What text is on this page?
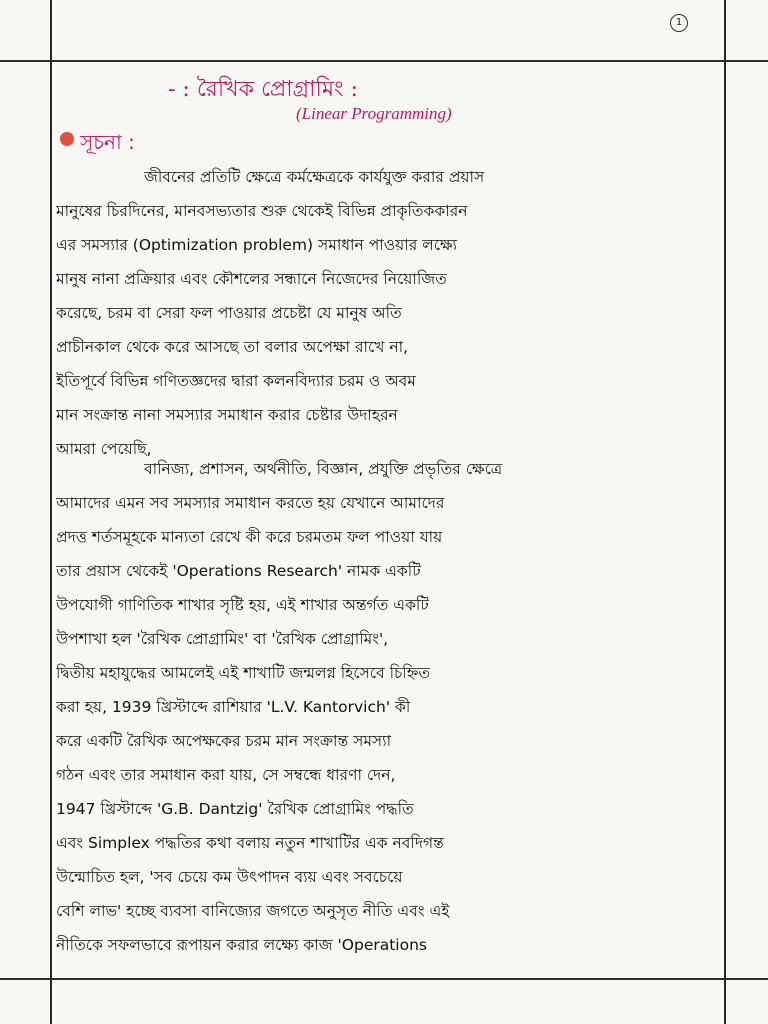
1
- : রৈখিক প্রোগ্রামিং :
(Linear Programming)
সূচনা :
জীবনের প্রতিটি ক্ষেত্রে কর্মক্ষেত্রকে কার্যযুক্ত করার প্রয়াস
মানুষের চিরদিনের, মানবসভ্যতার শুরু থেকেই বিভিন্ন প্রাকৃতিককারন
এর সমস্যার (Optimization problem) সমাধান পাওয়ার লক্ষ্যে
মানুষ নানা প্রক্রিয়ার এবং কৌশলের সন্ধানে নিজেদের নিয়োজিত
করেছে, চরম বা সেরা ফল পাওয়ার প্রচেষ্টা যে মানুষ অতি
প্রাচীনকাল থেকে করে আসছে তা বলার অপেক্ষা রাখে না,
ইতিপূর্বে বিভিন্ন গণিতজ্ঞদের দ্বারা কলনবিদ্যার চরম ও অবম
মান সংক্রান্ত নানা সমস্যার সমাধান করার চেষ্টার উদাহরন
আমরা পেয়েছি,
বানিজ্য, প্রশাসন, অর্থনীতি, বিজ্ঞান, প্রযুক্তি প্রভৃতির ক্ষেত্রে
আমাদের এমন সব সমস্যার সমাধান করতে হয় যেখানে আমাদের
প্রদত্ত শর্তসমূহকে মান্যতা রেখে কী করে চরমতম ফল পাওয়া যায়
তার প্রয়াস থেকেই 'Operations Research' নামক একটি
উপযোগী গাণিতিক শাখার সৃষ্টি হয়, এই শাখার অন্তর্গত একটি
উপশাখা হল 'রৈখিক প্রোগ্রামিং' বা 'রৈখিক প্রোগ্রামিং',
দ্বিতীয় মহাযুদ্ধের আমলেই এই শাখাটি জন্মলগ্ন হিসেবে চিহ্নিত
করা হয়, 1939 খ্রিস্টাব্দে রাশিয়ার 'L.V. Kantorvich' কী
করে একটি রৈখিক অপেক্ষকের চরম মান সংক্রান্ত সমস্যা
গঠন এবং তার সমাধান করা যায়, সে সম্বন্ধে ধারণা দেন,
1947 খ্রিস্টাব্দে 'G.B. Dantzig' রৈখিক প্রোগ্রামিং পদ্ধতি
এবং Simplex পদ্ধতির কথা বলায় নতুন শাখাটির এক নবদিগন্ত
উন্মোচিত হল, 'সব চেয়ে কম উৎপাদন ব্যয় এবং সবচেয়ে
বেশি লাভ' হচ্ছে ব্যবসা বানিজ্যের জগতে অনুসৃত নীতি এবং এই
নীতিকে সফলভাবে রূপায়ন করার লক্ষ্যে কাজ 'Operations
